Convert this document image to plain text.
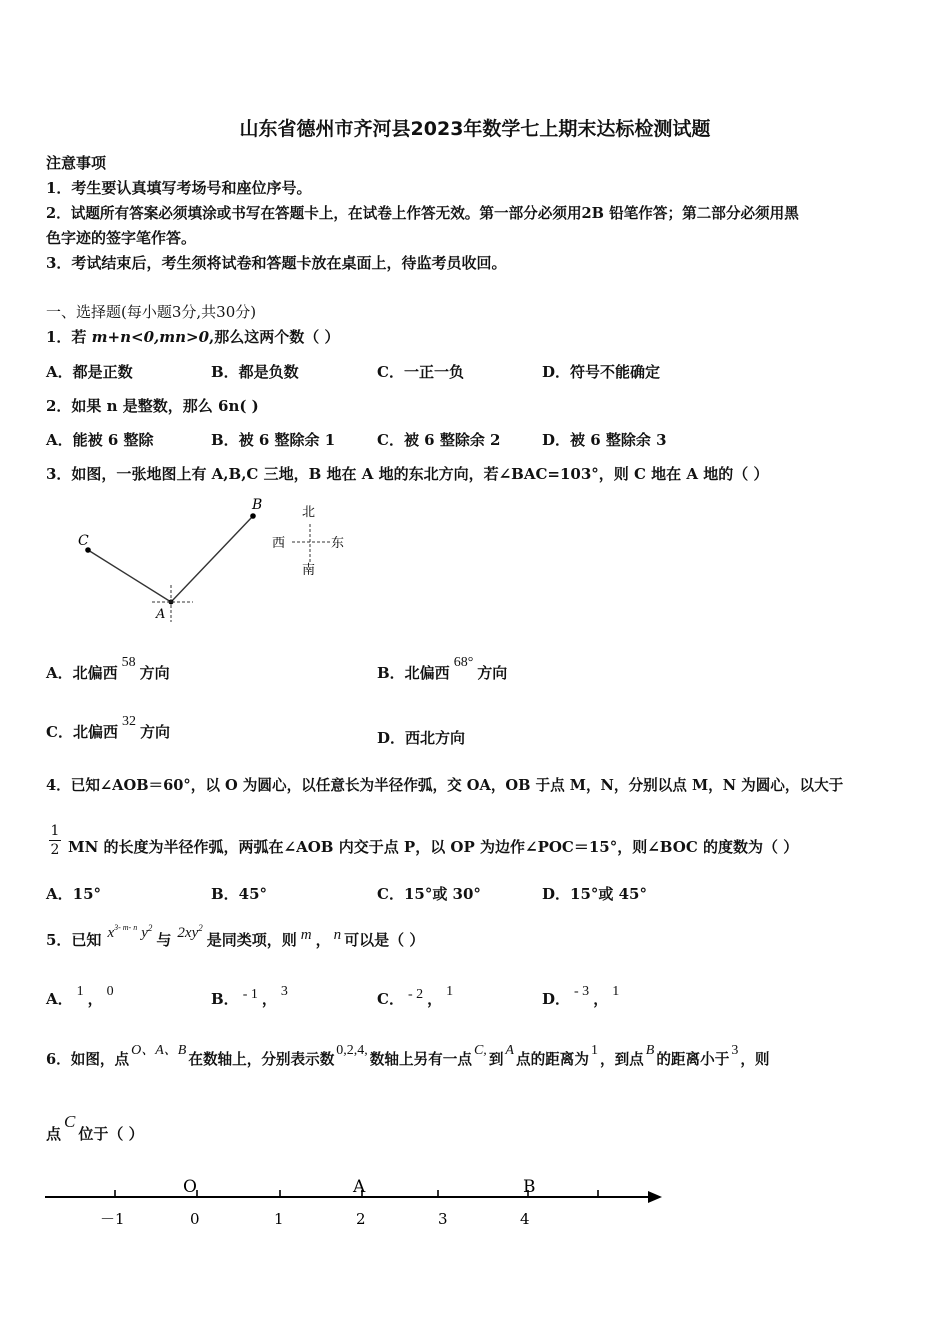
山东省德州市齐河县2023年数学七上期末达标检测试题
注意事项
1．考生要认真填写考场号和座位序号。
2．试题所有答案必须填涂或书写在答题卡上，在试卷上作答无效。第一部分必须用2B 铅笔作答；第二部分必须用黑
色字迹的签字笔作答。
3．考试结束后，考生须将试卷和答题卡放在桌面上，待监考员收回。
一、选择题(每小题3分,共30分)
1．若 m+n<0,mn>0,那么这两个数（ ）
A．都是正数	B．都是负数	C．一正一负	D．符号不能确定
2．如果 n 是整数，那么 6n( )
A．能被 6 整除	B．被 6 整除余 1	C．被 6 整除余 2	D．被 6 整除余 3
3．如图，一张地图上有 A,B,C 三地，B 地在 A 地的东北方向，若∠BAC=103°，则 C 地在 A 地的（ ）
C
B
A
北
西	东
南
A．北偏西58方向	B．北偏西68°方向
C．北偏西32方向	D．西北方向
4．已知∠AOB＝60°，以 O 为圆心，以任意长为半径作弧，交 OA，OB 于点 M，N，分别以点 M，N 为圆心，以大于
1
2 MN 的长度为半径作弧，两弧在∠AOB 内交于点 P，以 OP 为边作∠POC＝15°，则∠BOC 的度数为（ ）
A．15°	B．45°	C．15°或 30°	D．15°或 45°
5．已知 $x^{3- m- n}$ $y^2$与 $2xy^2$是同类项，则 m ， n 可以是（ ）
A． 1 ， 0	B． - 1 ， 3	C． - 2 ， 1	D． - 3 ， 1
6．如图，点O、A、B在数轴上，分别表示数0,2,4,数轴上另有一点C,到A点的距离为1，到点B的距离小于3，则
点C位于（ ）
O	A	B
－1	0	1	2	3	4
